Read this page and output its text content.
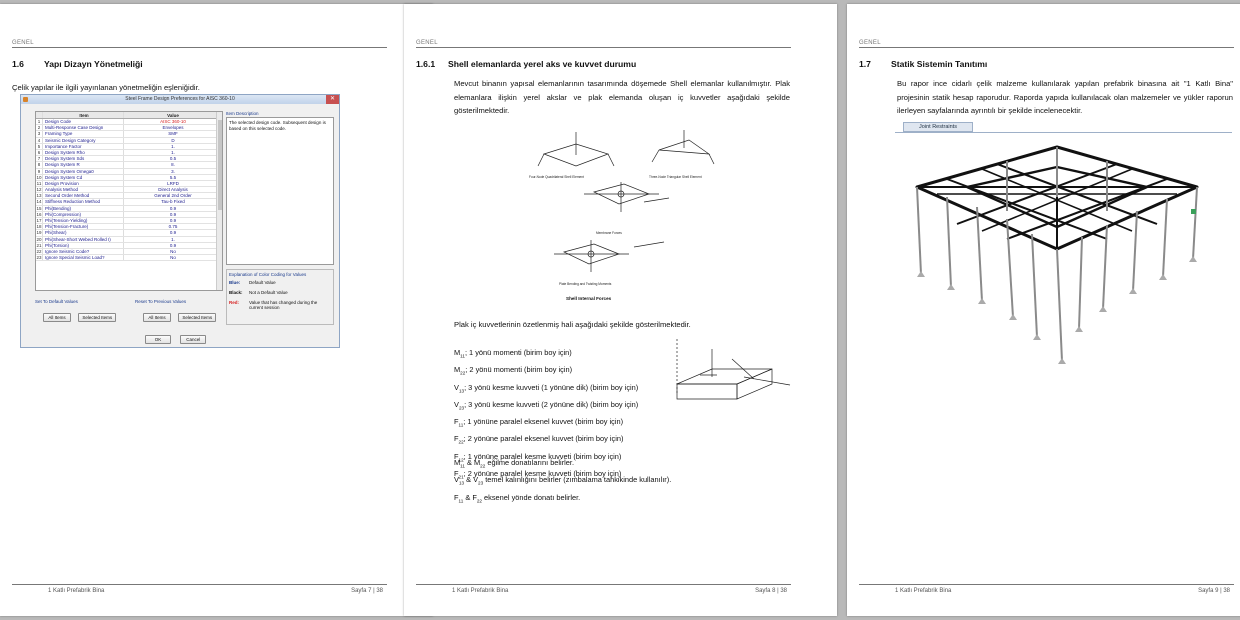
GENEL
1.6 Yapı Dizayn Yönetmeliği
Çelik yapılar ile ilgili yayınlanan yönetmeliğin eşleniğidir.
Steel Frame Design Preferences for AISC 360-10	✕
Item	Value
1	Design Code	AISC 360-10
2	Multi-Response Case Design	Envelopes
3	Framing Type	SMF
4	Seismic Design Category	D
5	Importance Factor	1.
6	Design System Rho	1.
7	Design System Sds	0.5
8	Design System R	8.
9	Design System Omega0	3.
10 Design System Cd	5.5
11 Design Provision	LRFD
12 Analysis Method	Direct Analysis
13 Second Order Method	General 2nd Order
14 Stiffness Reduction Method	Tau-b Fixed
15 Phi(Bending)	0.9
16 Phi(Compression)	0.9
17 Phi(Tension-Yielding)	0.9
18 Phi(Tension-Fracture)	0.75
19 Phi(Shear)	0.9
20 Phi(Shear-Short Webed Rolled I)	1.
21 Phi(Torsion)	0.9
22 Ignore Seismic Code?	No
23 Ignore Special Seismic Load?	No
Item Description
The selected design code. Subsequent design is based on this selected code.
Explanation of Color Coding for Values
Blue:	Default Value
Black:	Not a Default Value
Red:	Value that has changed during the current session
Set To Default Values
All Items	Selected Items
Reset To Previous Values
All Items	Selected Items
OK	Cancel
1 Katlı Prefabrik Bina	Sayfa 7 | 38
GENEL
1.6.1 Shell elemanlarda yerel aks ve kuvvet durumu
Mevcut binanın yapısal elemanlarının tasarımında döşemede Shell elemanlar kullanılmıştır. Plak elemanlara ilişkin yerel akslar ve plak elemanda oluşan iç kuvvetler aşağıdaki şekilde gösterilmektedir.
Four-Node Quadrilateral Shell Element	Three-Node Triangular Shell Element
Membrane Forces
Plate Bending and Twisting Moments
Shell Internal Forces
Plak iç kuvvetlerinin özetlenmiş hali aşağıdaki şekilde gösterilmektedir.
$M_{11}$; 1 yönü momenti (birim boy için)
$M_{22}$; 2 yönü momenti (birim boy için)
$V_{13}$; 3 yönü kesme kuvveti (1 yönüne dik) (birim boy için)
$V_{23}$; 3 yönü kesme kuvveti (2 yönüne dik) (birim boy için)
$F_{11}$; 1 yönüne paralel eksenel kuvvet (birim boy için)
$F_{22}$; 2 yönüne paralel eksenel kuvvet (birim boy için)
$F_{12}$; 1 yönüne paralel kesme kuvveti (birim boy için)
$F_{21}$; 2 yönüne paralel kesme kuvveti (birim boy için)
$M_{11}$ & $M_{22}$ eğilme donatılarını belirler.
$V_{13}$ & $V_{23}$ temel kalınlığını belirler (zımbalama tahkikinde kullanılır).
$F_{11}$ & $F_{22}$ eksenel yönde donatı belirler.
1 Katlı Prefabrik Bina	Sayfa 8 | 38
GENEL
1.7 Statik Sistemin Tanıtımı
Bu rapor ince cidarlı çelik malzeme kullanılarak yapılan prefabrik binasına ait "1 Katlı Bina" projesinin statik hesap raporudur. Raporda yapıda kullanılacak olan malzemeler ve yükler raporun ilerleyen sayfalarında ayrıntılı bir şekilde incelenecektir.
Joint Restraints
1 Katlı Prefabrik Bina	Sayfa 9 | 38
